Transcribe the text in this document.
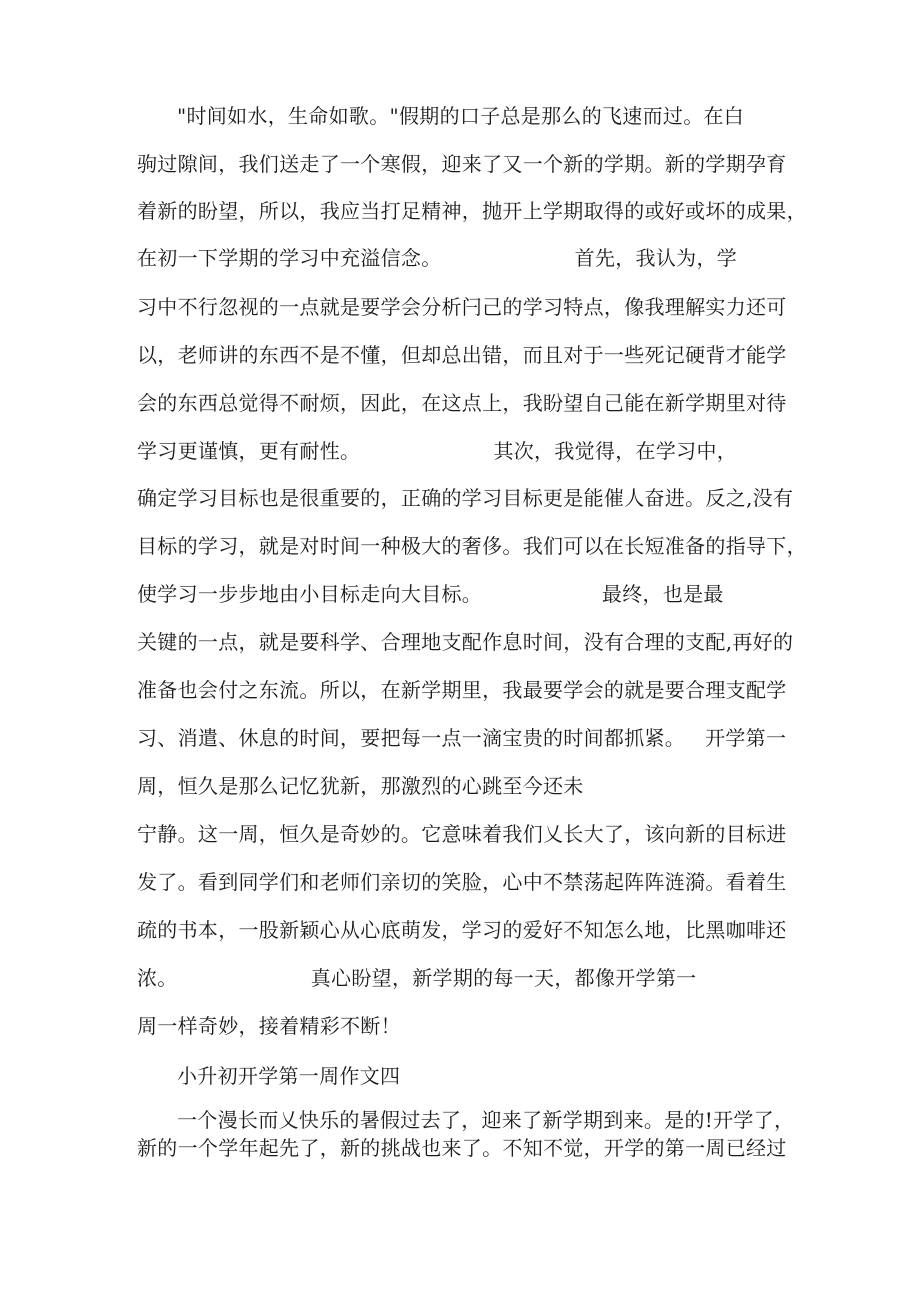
"时间如水，生命如歌。"假期的口子总是那么的飞速而过。在白
驹过隙间，我们送走了一个寒假，迎来了又一个新的学期。新的学期孕育
着新的盼望，所以，我应当打足精神，抛开上学期取得的或好或坏的成果，
在初一下学期的学习中充溢信念。                    首先，我认为，学
习中不行忽视的一点就是要学会分析闩己的学习特点，像我理解实力还可
以，老师讲的东西不是不懂，但却总出错，而且对于一些死记硬背才能学
会的东西总觉得不耐烦，因此，在这点上，我盼望自己能在新学期里对待
学习更谨慎，更有耐性。                    其次，我觉得，在学习中，
确定学习目标也是很重要的，正确的学习目标更是能催人奋进。反之,没有
目标的学习，就是对时间一种极大的奢侈。我们可以在长短准备的指导下，
使学习一步步地由小目标走向大目标。                  最终，也是最
关键的一点，就是要科学、合理地支配作息时间，没有合理的支配,再好的
准备也会付之东流。所以，在新学期里，我最要学会的就是要合理支配学
习、消遣、休息的时间，要把每一点一滴宝贵的时间都抓紧。   开学第一
周，恒久是那么记忆犹新，那激烈的心跳至今还未
宁静。这一周，恒久是奇妙的。它意味着我们乂长大了，该向新的目标进
发了。看到同学们和老师们亲切的笑脸，心中不禁荡起阵阵涟漪。看着生
疏的书本，一股新颖心从心底萌发，学习的爱好不知怎么地，比黑咖啡还
浓。                    真心盼望，新学期的每一天，都像开学第一
周一样奇妙，接着精彩不断！
小升初开学第一周作文四
一个漫长而乂快乐的暑假过去了，迎来了新学期到来。是的!开学了，
新的一个学年起先了，新的挑战也来了。不知不觉，开学的第一周已经过
